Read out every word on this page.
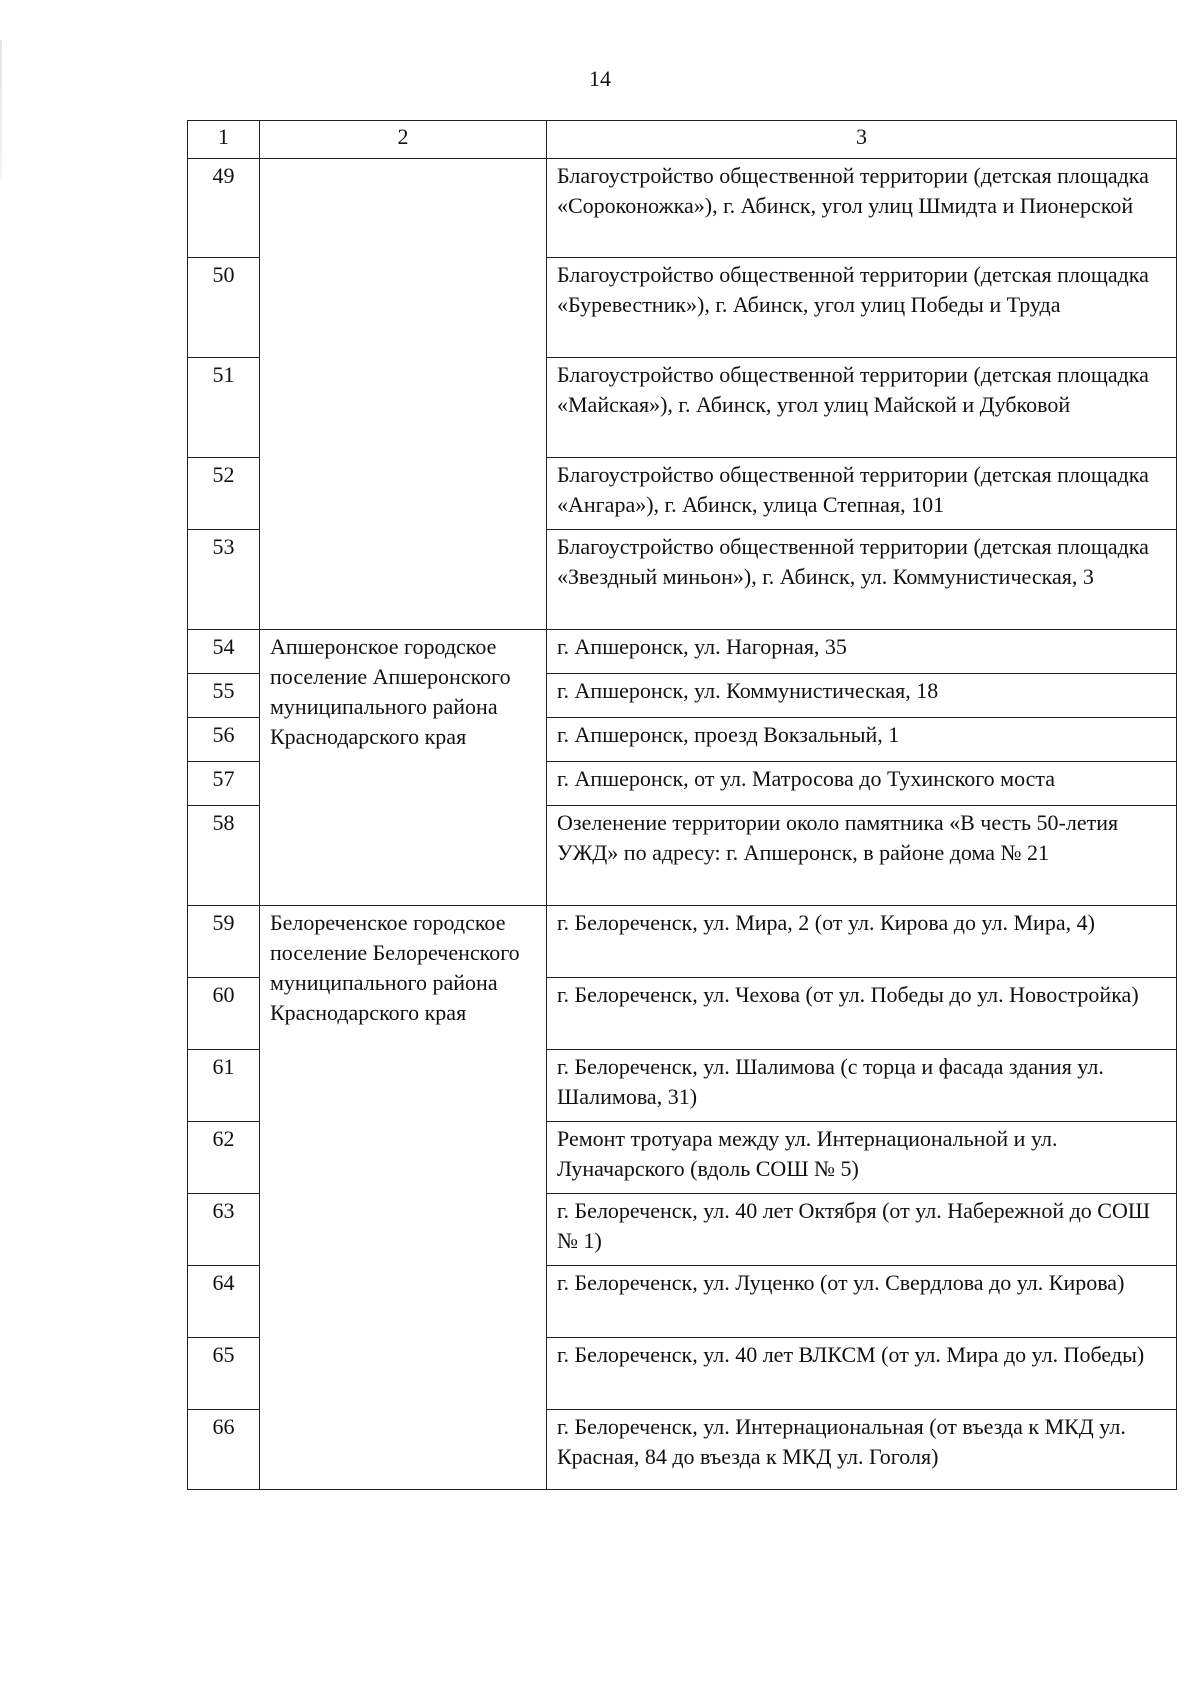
14
1	2	3
49		Благоустройство общественной территории (детская площадка «Сороконожка»), г. Абинск, угол улиц Шмидта и Пионерской
50		Благоустройство общественной территории (детская площадка «Буревестник»), г. Абинск, угол улиц Победы и Труда
51		Благоустройство общественной территории (детская площадка «Майская»), г. Абинск, угол улиц Майской и Дубковой
52		Благоустройство общественной территории (детская площадка «Ангара»), г. Абинск, улица Степная, 101
53		Благоустройство общественной территории (детская площадка «Звездный миньон»), г. Абинск, ул. Коммунистическая, 3
54	Апшеронское городское поселение Апшеронского муниципального района Краснодарского края	г. Апшеронск, ул. Нагорная, 35
55		г. Апшеронск, ул. Коммунистическая, 18
56		г. Апшеронск, проезд Вокзальный, 1
57		г. Апшеронск, от ул. Матросова до Тухинского моста
58		Озеленение территории около памятника «В честь 50-летия УЖД» по адресу: г. Апшеронск, в районе дома № 21
59	Белореченское городское поселение Белореченского муниципального района Краснодарского края	г. Белореченск, ул. Мира, 2 (от ул. Кирова до ул. Мира, 4)
60		г. Белореченск, ул. Чехова (от ул. Победы до ул. Новостройка)
61		г. Белореченск, ул. Шалимова (с торца и фасада здания ул. Шалимова, 31)
62		Ремонт тротуара между ул. Интернациональной и ул. Луначарского (вдоль СОШ № 5)
63		г. Белореченск, ул. 40 лет Октября (от ул. Набережной до СОШ № 1)
64		г. Белореченск, ул. Луценко (от ул. Свердлова до ул. Кирова)
65		г. Белореченск, ул. 40 лет ВЛКСМ (от ул. Мира до ул. Победы)
66		г. Белореченск, ул. Интернациональная (от въезда к МКД ул. Красная, 84 до въезда к МКД ул. Гоголя)
